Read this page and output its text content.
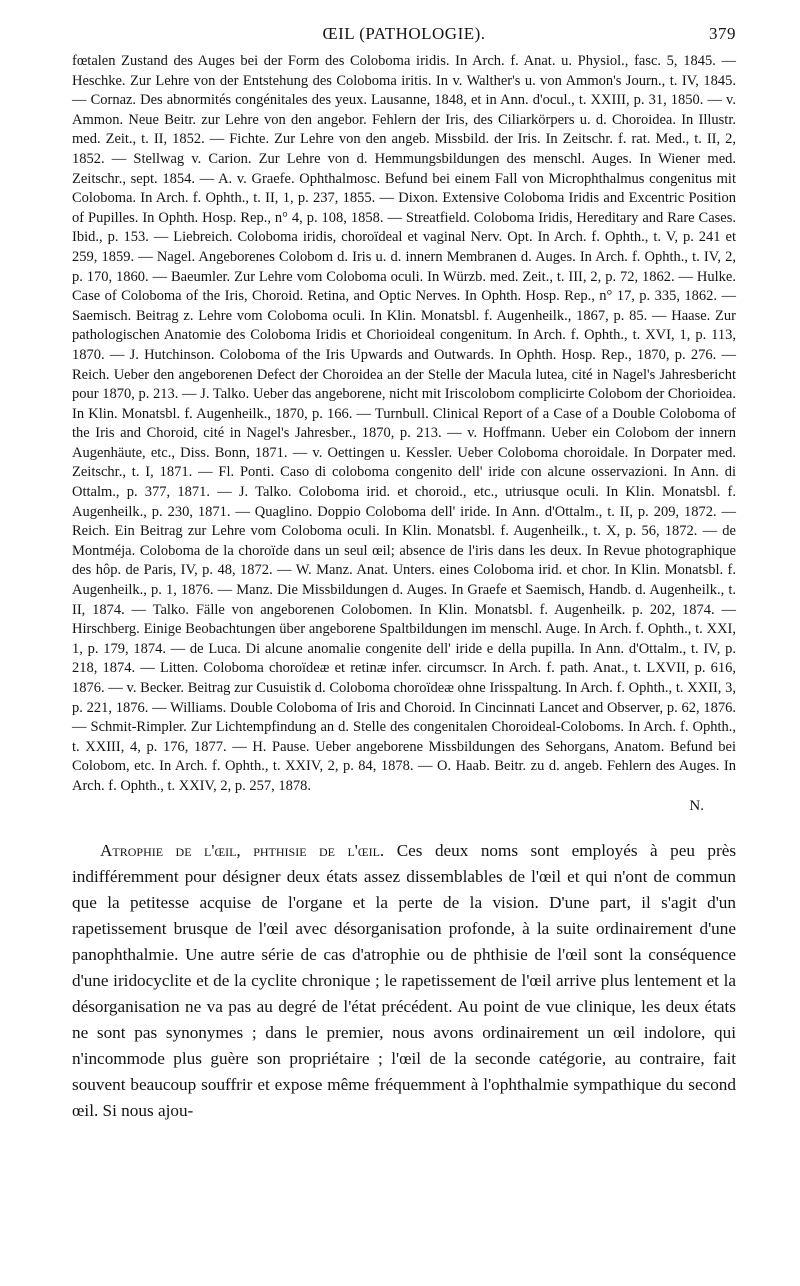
ŒIL (PATHOLOGIE).	379

fœtalen Zustand des Auges bei der Form des Coloboma iridis. In Arch. f. Anat. u. Physiol., fasc. 5, 1845. — Heschke. Zur Lehre von der Entstehung des Coloboma iritis. In v. Walther's u. von Ammon's Journ., t. IV, 1845. — Cornaz. Des abnormités congénitales des yeux. Lausanne, 1848, et in Ann. d'ocul., t. XXIII, p. 31, 1850. — v. Ammon. Neue Beitr. zur Lehre von den angebor. Fehlern der Iris, des Ciliarkörpers u. d. Choroidea. In Illustr. med. Zeit., t. II, 1852. — Fichte. Zur Lehre von den angeb. Missbild. der Iris. In Zeitschr. f. rat. Med., t. II, 2, 1852. — Stellwag v. Carion. Zur Lehre von d. Hemmungsbildungen des menschl. Auges. In Wiener med. Zeitschr., sept. 1854. — A. v. Graefe. Ophthalmosc. Befund bei einem Fall von Microphthalmus congenitus mit Coloboma. In Arch. f. Ophth., t. II, 1, p. 237, 1855. — Dixon. Extensive Coloboma Iridis and Excentric Position of Pupilles. In Ophth. Hosp. Rep., n° 4, p. 108, 1858. — Streatfield. Coloboma Iridis, Hereditary and Rare Cases. Ibid., p. 153. — Liebreich. Coloboma iridis, choroïdeal et vaginal Nerv. Opt. In Arch. f. Ophth., t. V, p. 241 et 259, 1859. — Nagel. Angeborenes Colobom d. Iris u. d. innern Membranen d. Auges. In Arch. f. Ophth., t. IV, 2, p. 170, 1860. — Baeumler. Zur Lehre vom Coloboma oculi. In Würzb. med. Zeit., t. III, 2, p. 72, 1862. — Hulke. Case of Coloboma of the Iris, Choroid. Retina, and Optic Nerves. In Ophth. Hosp. Rep., n° 17, p. 335, 1862. — Saemisch. Beitrag z. Lehre vom Coloboma oculi. In Klin. Monatsbl. f. Augenheilk., 1867, p. 85. — Haase. Zur pathologischen Anatomie des Coloboma Iridis et Chorioideal congenitum. In Arch. f. Ophth., t. XVI, 1, p. 113, 1870. — J. Hutchinson. Coloboma of the Iris Upwards and Outwards. In Ophth. Hosp. Rep., 1870, p. 276. — Reich. Ueber den angeborenen Defect der Choroidea an der Stelle der Macula lutea, cité in Nagel's Jahresbericht pour 1870, p. 213. — J. Talko. Ueber das angeborene, nicht mit Iriscolobom complicirte Colobom der Chorioidea. In Klin. Monatsbl. f. Augenheilk., 1870, p. 166. — Turnbull. Clinical Report of a Case of a Double Coloboma of the Iris and Choroid, cité in Nagel's Jahresber., 1870, p. 213. — v. Hoffmann. Ueber ein Colobom der innern Augenhäute, etc., Diss. Bonn, 1871. — v. Oettingen u. Kessler. Ueber Coloboma choroidale. In Dorpater med. Zeitschr., t. I, 1871. — Fl. Ponti. Caso di coloboma congenito dell' iride con alcune osservazioni. In Ann. di Ottalm., p. 377, 1871. — J. Talko. Coloboma irid. et choroid., etc., utriusque oculi. In Klin. Monatsbl. f. Augenheilk., p. 230, 1871. — Quaglino. Doppio Coloboma dell' iride. In Ann. d'Ottalm., t. II, p. 209, 1872. — Reich. Ein Beitrag zur Lehre vom Coloboma oculi. In Klin. Monatsbl. f. Augenheilk., t. X, p. 56, 1872. — de Montméja. Coloboma de la choroïde dans un seul œil; absence de l'iris dans les deux. In Revue photographique des hôp. de Paris, IV, p. 48, 1872. — W. Manz. Anat. Unters. eines Coloboma irid. et chor. In Klin. Monatsbl. f. Augenheilk., p. 1, 1876. — Manz. Die Missbildungen d. Auges. In Graefe et Saemisch, Handb. d. Augenheilk., t. II, 1874. — Talko. Fälle von angeborenen Colobomen. In Klin. Monatsbl. f. Augenheilk. p. 202, 1874. — Hirschberg. Einige Beobachtungen über angeborene Spaltbildungen im menschl. Auge. In Arch. f. Ophth., t. XXI, 1, p. 179, 1874. — de Luca. Di alcune anomalie congenite dell' iride e della pupilla. In Ann. d'Ottalm., t. IV, p. 218, 1874. — Litten. Coloboma choroïdeæ et retinæ infer. circumscr. In Arch. f. path. Anat., t. LXVII, p. 616, 1876. — v. Becker. Beitrag zur Cusuistik d. Coloboma choroïdeæ ohne Irisspaltung. In Arch. f. Ophth., t. XXII, 3, p. 221, 1876. — Williams. Double Coloboma of Iris and Choroid. In Cincinnati Lancet and Observer, p. 62, 1876. — Schmit-Rimpler. Zur Lichtempfindung an d. Stelle des congenitalen Choroideal-Coloboms. In Arch. f. Ophth., t. XXIII, 4, p. 176, 1877. — H. Pause. Ueber angeborene Missbildungen des Sehorgans, Anatom. Befund bei Colobom, etc. In Arch. f. Ophth., t. XXIV, 2, p. 84, 1878. — O. Haab. Beitr. zu d. angeb. Fehlern des Auges. In Arch. f. Ophth., t. XXIV, 2, p. 257, 1878.

N.

Atrophie de l'œil, phthisie de l'œil. Ces deux noms sont employés à peu près indifféremment pour désigner deux états assez dissemblables de l'œil et qui n'ont de commun que la petitesse acquise de l'organe et la perte de la vision. D'une part, il s'agit d'un rapetissement brusque de l'œil avec désorganisation profonde, à la suite ordinairement d'une panophthalmie. Une autre série de cas d'atrophie ou de phthisie de l'œil sont la conséquence d'une iridocyclite et de la cyclite chronique ; le rapetissement de l'œil arrive plus lentement et la désorganisation ne va pas au degré de l'état précédent. Au point de vue clinique, les deux états ne sont pas synonymes ; dans le premier, nous avons ordinairement un œil indolore, qui n'incommode plus guère son propriétaire ; l'œil de la seconde catégorie, au contraire, fait souvent beaucoup souffrir et expose même fréquemment à l'ophthalmie sympathique du second œil. Si nous ajou-
